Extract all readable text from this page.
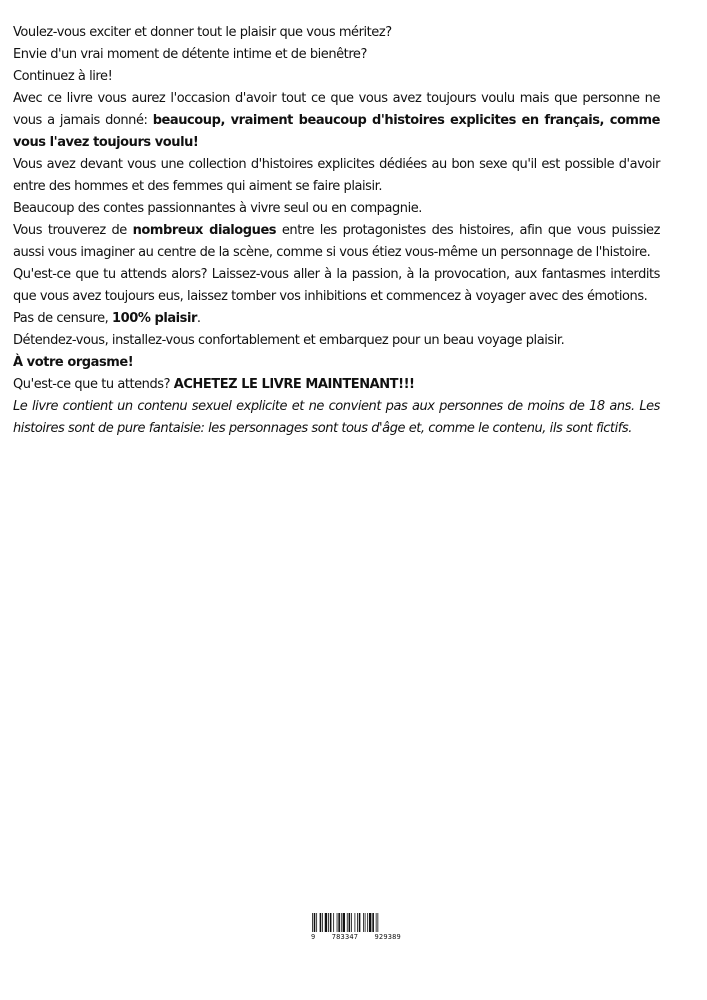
Voulez-vous exciter et donner tout le plaisir que vous méritez?

Envie d'un vrai moment de détente intime et de bienêtre?

Continuez à lire!

Avec ce livre vous aurez l'occasion d'avoir tout ce que vous avez toujours voulu mais que personne ne vous a jamais donné: beaucoup, vraiment beaucoup d'histoires explicites en français, comme vous l'avez toujours voulu!

Vous avez devant vous une collection d'histoires explicites dédiées au bon sexe qu'il est possible d'avoir entre des hommes et des femmes qui aiment se faire plaisir.

Beaucoup des contes passionnantes à vivre seul ou en compagnie.

Vous trouverez de nombreux dialogues entre les protagonistes des histoires, afin que vous puissiez aussi vous imaginer au centre de la scène, comme si vous étiez vous-même un personnage de l'histoire.

Qu'est-ce que tu attends alors? Laissez-vous aller à la passion, à la provocation, aux fantasmes interdits que vous avez toujours eus, laissez tomber vos inhibitions et commencez à voyager avec des émotions.

Pas de censure, 100% plaisir.

Détendez-vous, installez-vous confortablement et embarquez pour un beau voyage plaisir.

À votre orgasme!

Qu'est-ce que tu attends? ACHETEZ LE LIVRE MAINTENANT!!!

Le livre contient un contenu sexuel explicite et ne convient pas aux personnes de moins de 18 ans. Les histoires sont de pure fantaisie: les personnages sont tous d'âge et, comme le contenu, ils sont fictifs.

9 783347 929389
